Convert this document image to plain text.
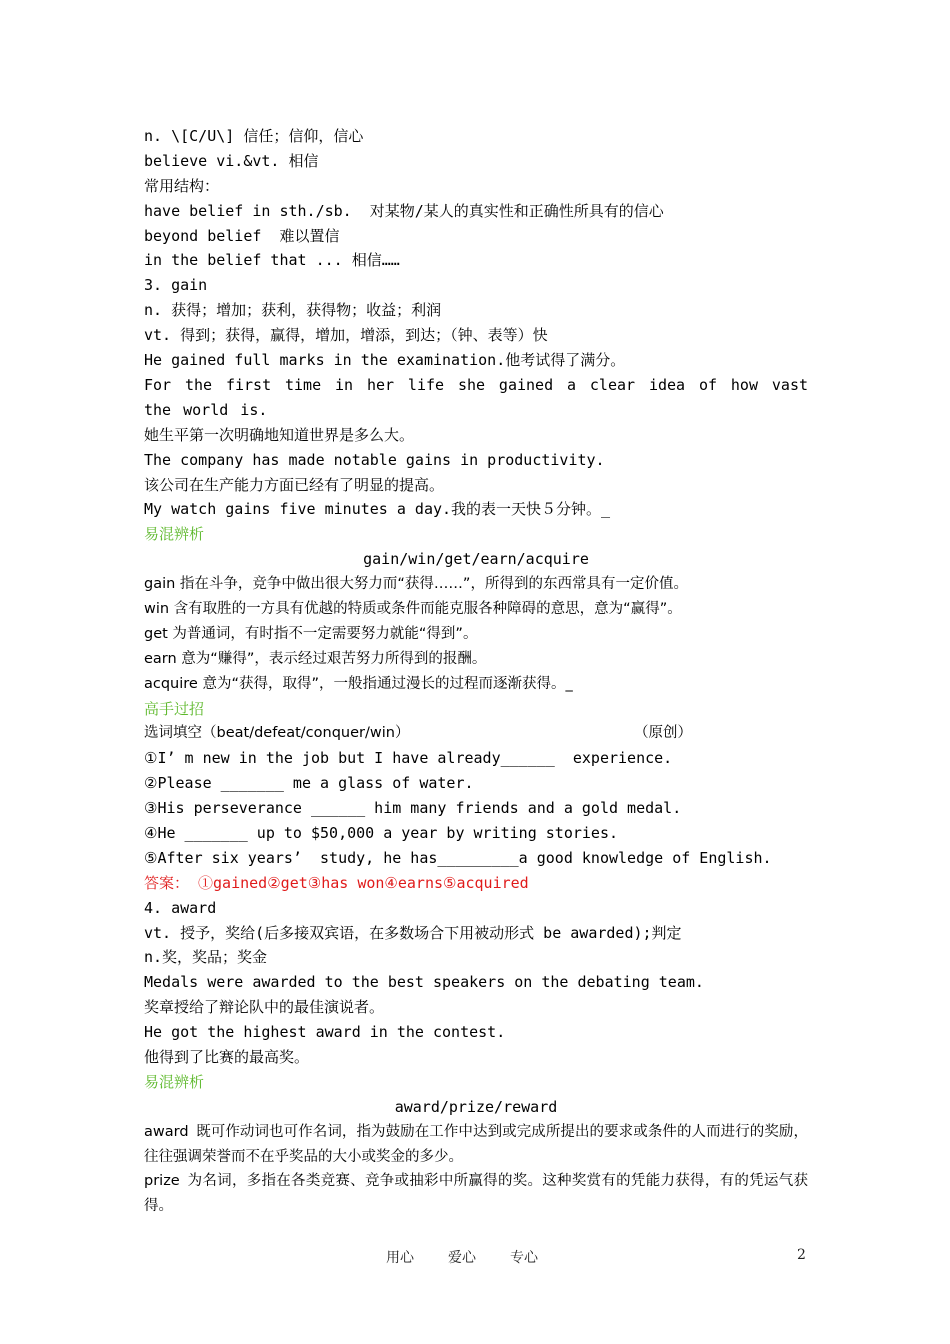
n. \[C/U\] 信任；信仰，信心
believe vi.&vt. 相信
常用结构：
have belief in sth./sb.  对某物/某人的真实性和正确性所具有的信心
beyond belief  难以置信
in the belief that ... 相信……
3. gain
n. 获得；增加；获利，获得物；收益；利润
vt. 得到；获得，赢得，增加，增添，到达；（钟、表等）快
He gained full marks in the examination.他考试得了满分。
For the first time in her life she gained a clear idea of how vast the world is.
她生平第一次明确地知道世界是多么大。
The company has made notable gains in productivity.
该公司在生产能力方面已经有了明显的提高。
My watch gains five minutes a day.我的表一天快５分钟。_
易混辨析
gain/win/get/earn/acquire
gain 指在斗争，竞争中做出很大努力而“获得……”，所得到的东西常具有一定价值。
win 含有取胜的一方具有优越的特质或条件而能克服各种障碍的意思，意为“赢得”。
get 为普通词，有时指不一定需要努力就能“得到”。
earn 意为“赚得”，表示经过艰苦努力所得到的报酬。
acquire 意为“获得，取得”，一般指通过漫长的过程而逐渐获得。_
高手过招
选词填空（beat/defeat/conquer/win）	（原创）
①I’ m new in the job but I have already______  experience.
②Please _______ me a glass of water.
③His perseverance ______ him many friends and a gold medal.
④He _______ up to $50,000 a year by writing stories.
⑤After six years’  study, he has_________a good knowledge of English.
答案： ①gained②get③has won④earns⑤acquired
4. award
vt. 授予，奖给(后多接双宾语，在多数场合下用被动形式 be awarded);判定
n.奖，奖品；奖金
Medals were awarded to the best speakers on the debating team.
奖章授给了辩论队中的最佳演说者。
He got the highest award in the contest.
他得到了比赛的最高奖。
易混辨析
award/prize/reward
award 既可作动词也可作名词，指为鼓励在工作中达到或完成所提出的要求或条件的人而进行的奖励，往往强调荣誉而不在乎奖品的大小或奖金的多少。
prize 为名词，多指在各类竞赛、竞争或抽彩中所赢得的奖。这种奖赏有的凭能力获得，有的凭运气获得。
用心 爱心 专心	2
